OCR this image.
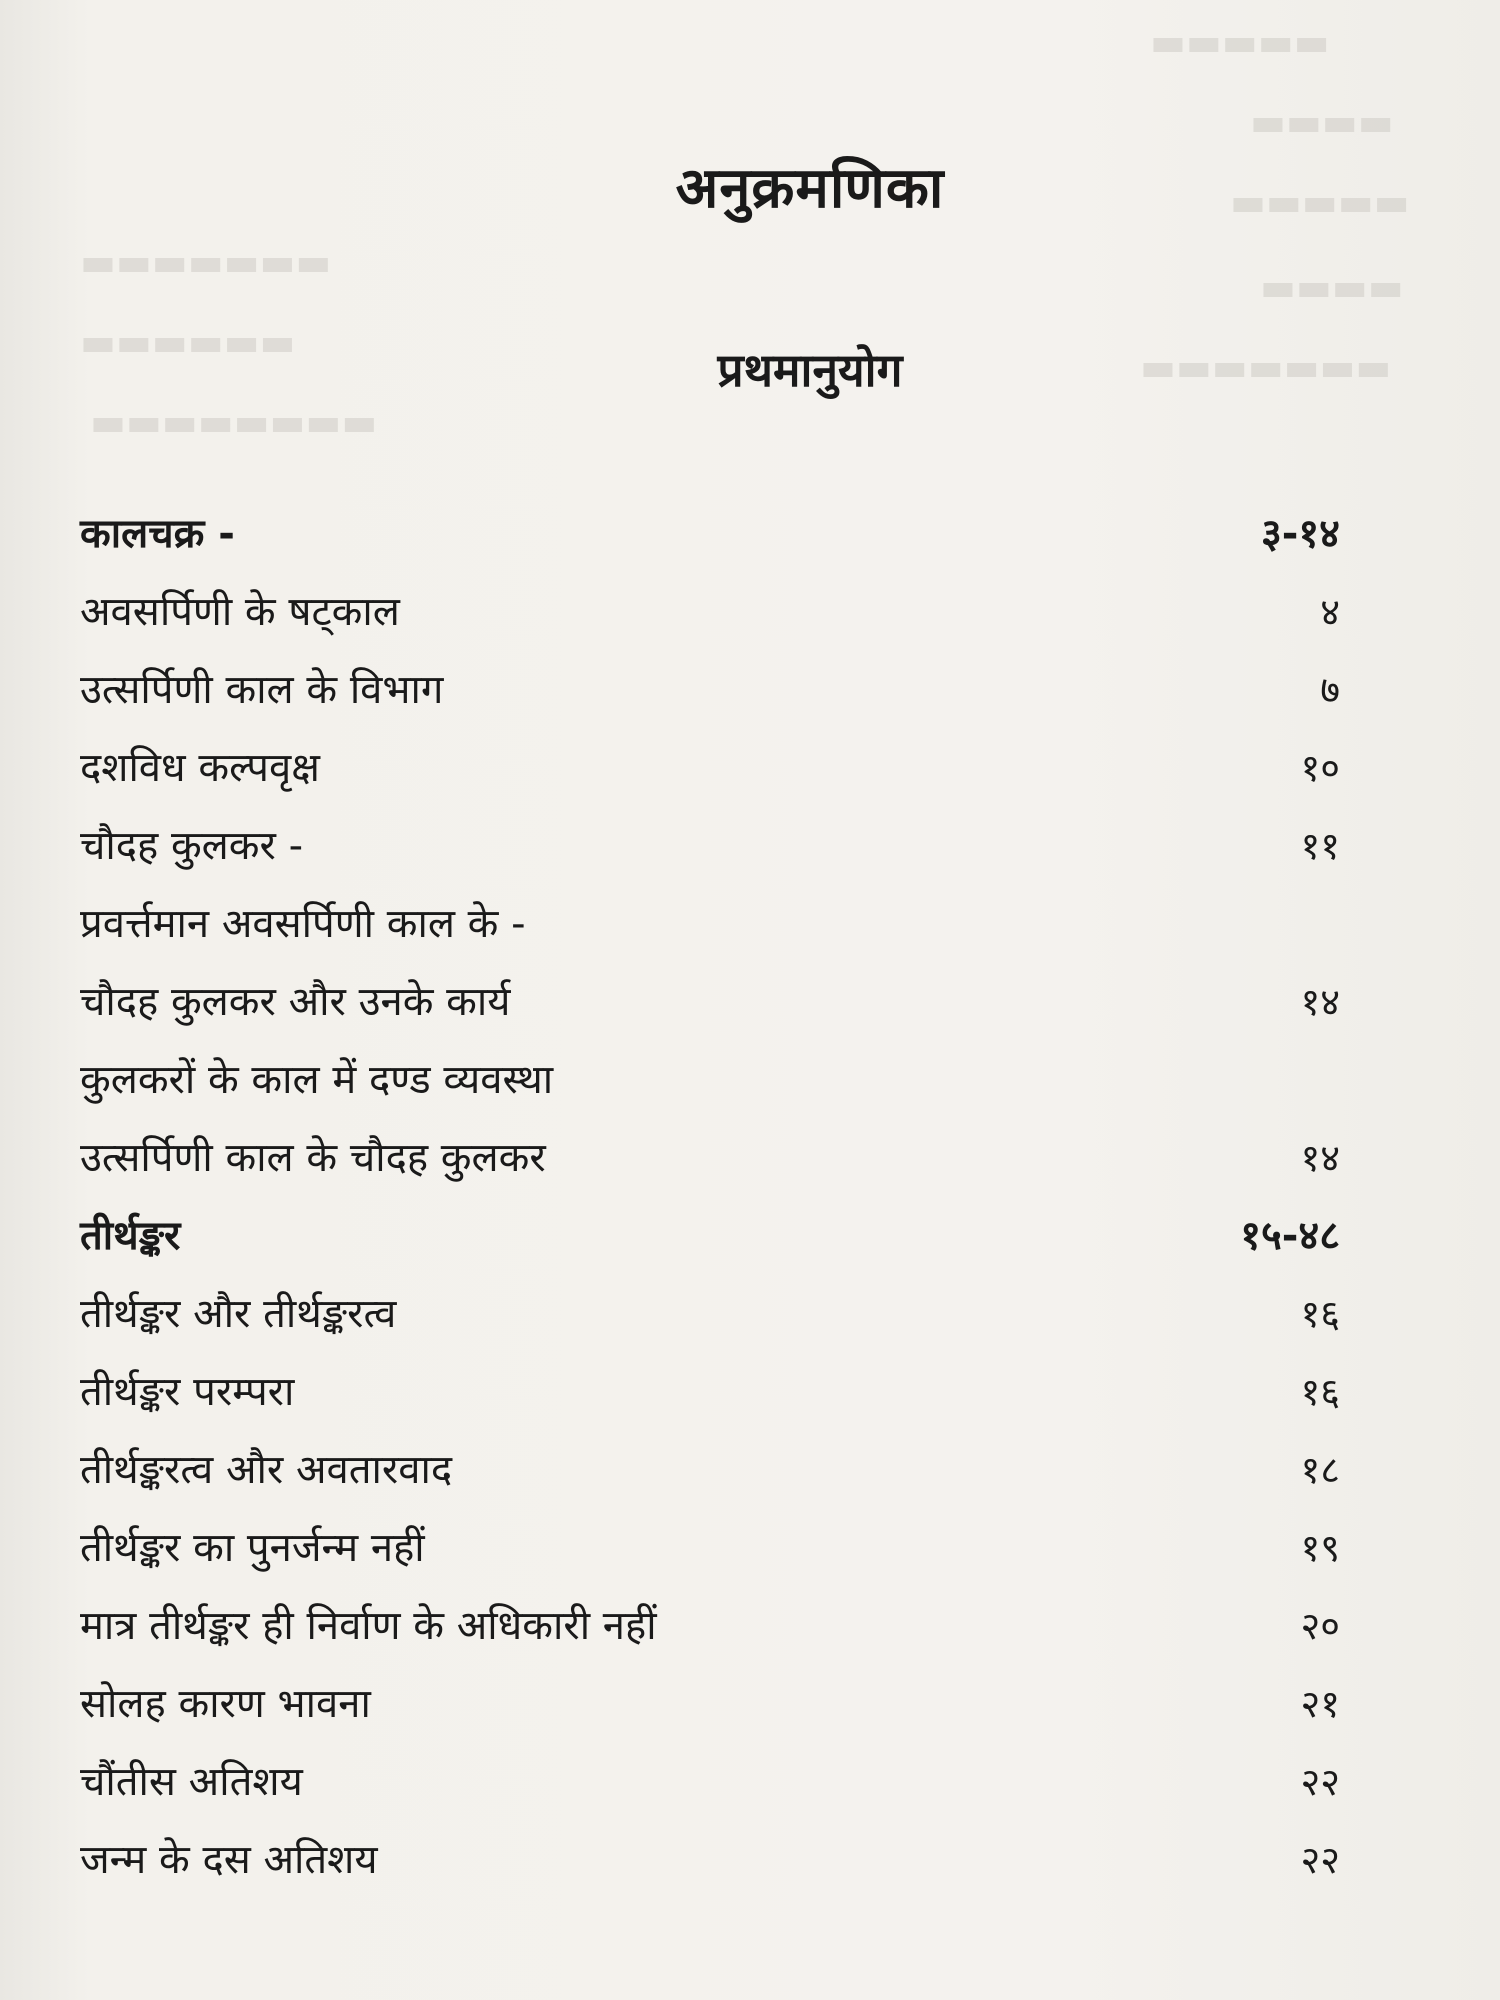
▬▬▬▬▬
▬▬▬▬
▬▬▬▬▬
▬▬▬▬
▬▬▬▬▬▬▬
▬▬▬▬▬▬▬
▬▬▬▬▬▬
▬▬▬▬▬▬▬▬
अनुक्रमणिका
प्रथमानुयोग
कालचक्र -	३-१४
अवसर्पिणी के षट्काल	४
उत्सर्पिणी काल के विभाग	७
दशविध कल्पवृक्ष	१०
चौदह कुलकर -	११
प्रवर्त्तमान अवसर्पिणी काल के -
चौदह कुलकर और उनके कार्य	१४
कुलकरों के काल में दण्ड व्यवस्था
उत्सर्पिणी काल के चौदह कुलकर	१४
तीर्थङ्कर	१५-४८
तीर्थङ्कर और तीर्थङ्करत्व	१६
तीर्थङ्कर परम्परा	१६
तीर्थङ्करत्व और अवतारवाद	१८
तीर्थङ्कर का पुनर्जन्म नहीं	१९
मात्र तीर्थङ्कर ही निर्वाण के अधिकारी नहीं	२०
सोलह कारण भावना	२१
चौंतीस अतिशय	२२
जन्म के दस अतिशय	२२
